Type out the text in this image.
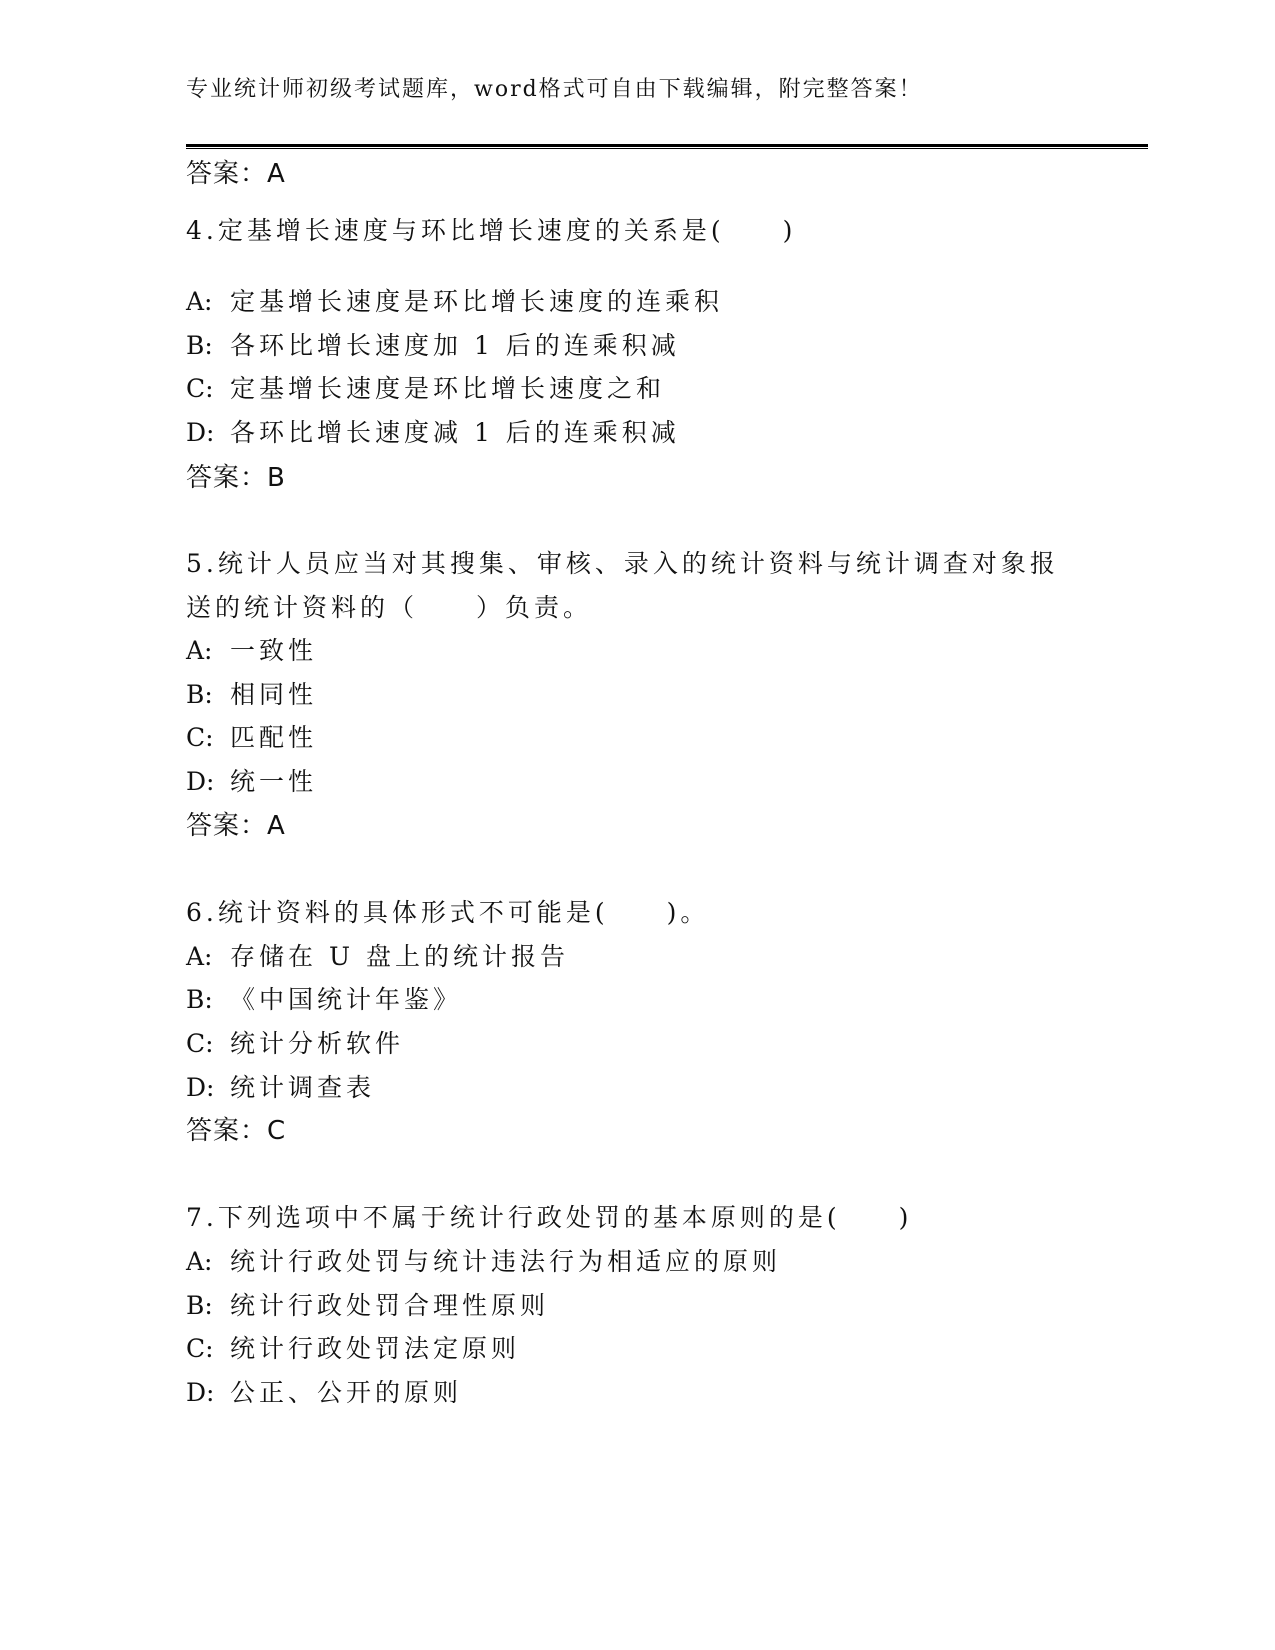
专业统计师初级考试题库，word格式可自由下载编辑，附完整答案！
答案：A
4.定基增长速度与环比增长速度的关系是(　　)
A: 定基增长速度是环比增长速度的连乘积
B: 各环比增长速度加 1 后的连乘积减
C: 定基增长速度是环比增长速度之和
D: 各环比增长速度减 1 后的连乘积减
答案：B
5.统计人员应当对其搜集、审核、录入的统计资料与统计调查对象报
送的统计资料的（　　）负责。
A: 一致性
B: 相同性
C: 匹配性
D: 统一性
答案：A
6.统计资料的具体形式不可能是(　　)。
A: 存储在 U 盘上的统计报告
B: 《中国统计年鉴》
C: 统计分析软件
D: 统计调查表
答案：C
7.下列选项中不属于统计行政处罚的基本原则的是(　　)
A: 统计行政处罚与统计违法行为相适应的原则
B: 统计行政处罚合理性原则
C: 统计行政处罚法定原则
D: 公正、公开的原则
